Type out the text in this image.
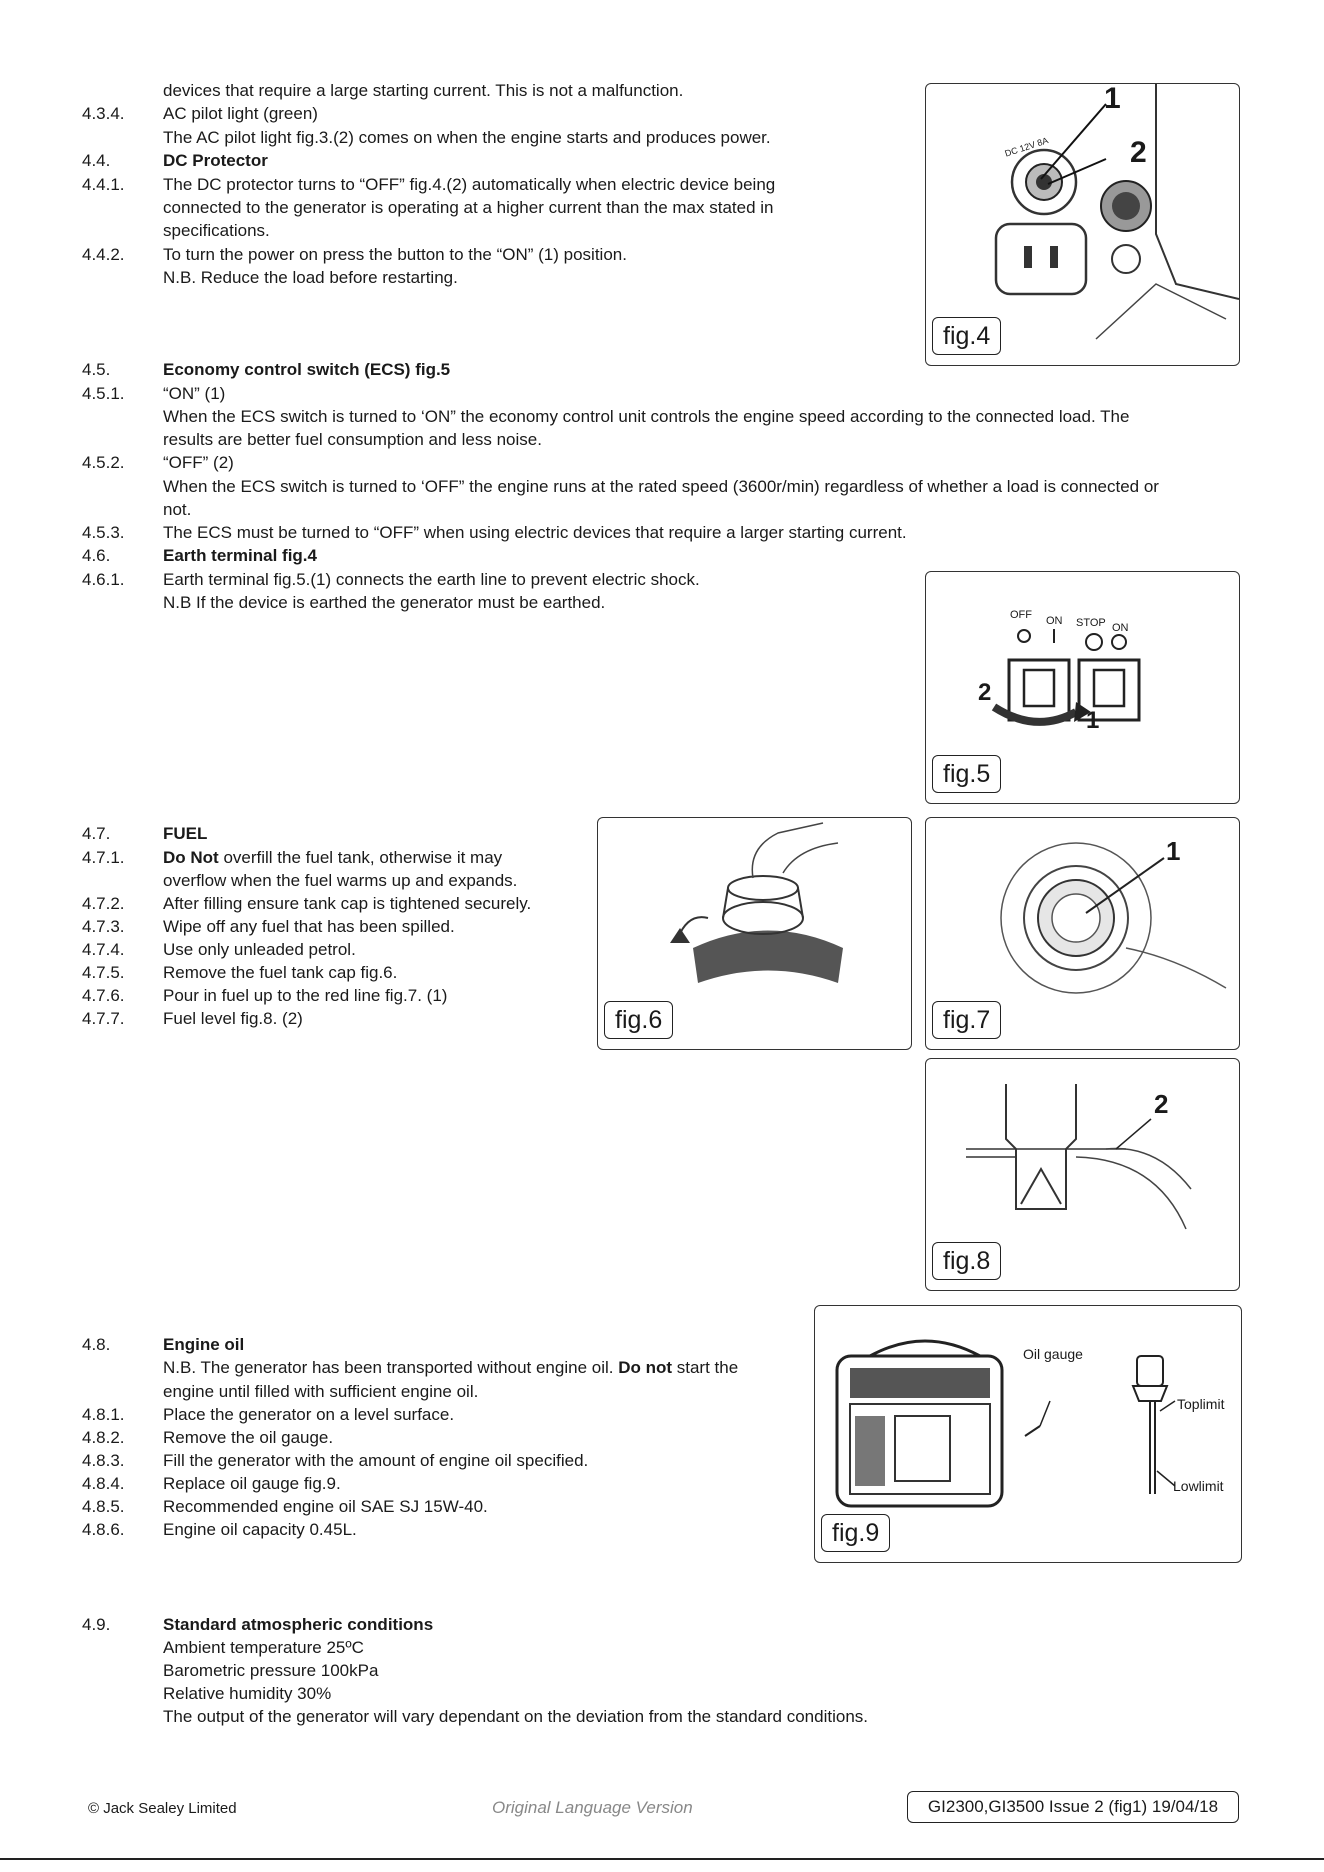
devices that require a large starting current. This is not a malfunction.
4.3.4. AC pilot light (green)
The AC pilot light fig.3.(2) comes on when the engine starts and produces power.
4.4.	DC Protector
4.4.1. The DC protector turns to “OFF” fig.4.(2) automatically when electric device being
connected to the generator is operating at a higher current than the max stated in
specifications.
4.4.2. To turn the power on press the button to the “ON” (1) position.
N.B. Reduce the load before restarting.
4.5.	Economy control switch (ECS) fig.5
4.5.1. “ON” (1)
When the ECS switch is turned to ‘ON” the economy control unit controls the engine speed according to the connected load. The
results are better fuel consumption and less noise.
4.5.2. “OFF” (2)
When the ECS switch is turned to ‘OFF” the engine runs at the rated speed (3600r/min) regardless of whether a load is connected or
not.
4.5.3. The ECS must be turned to “OFF” when using electric devices that require a larger starting current.
4.6.	Earth terminal fig.4
4.6.1. Earth terminal fig.5.(1) connects the earth line to prevent electric shock.
N.B If the device is earthed the generator must be earthed.
4.7.	FUEL
4.7.1. Do Not overfill the fuel tank, otherwise it may
overflow when the fuel warms up and expands.
4.7.2. After filling ensure tank cap is tightened securely.
4.7.3. Wipe off any fuel that has been spilled.
4.7.4. Use only unleaded petrol.
4.7.5. Remove the fuel tank cap fig.6.
4.7.6. Pour in fuel up to the red line fig.7. (1)
4.7.7. Fuel level fig.8. (2)
4.8.	Engine oil
N.B. The generator has been transported without engine oil. Do not start the
engine until filled with sufficient engine oil.
4.8.1. Place the generator on a level surface.
4.8.2. Remove the oil gauge.
4.8.3. Fill the generator with the amount of engine oil specified.
4.8.4. Replace oil gauge fig.9.
4.8.5. Recommended engine oil SAE SJ 15W-40.
4.8.6. Engine oil capacity 0.45L.
4.9.	Standard atmospheric conditions
Ambient temperature 25ºC
Barometric pressure 100kPa
Relative humidity 30%
The output of the generator will vary dependant on the deviation from the standard conditions.
1
2
DC 12V 8A
fig.4
OFF ON STOP ON
1
2
fig.5
fig.6
1
fig.7
2
fig.8
Oil gauge
Toplimit
Lowlimit
fig.9
© Jack Sealey Limited	Original Language Version	GI2300,GI3500 Issue 2 (fig1) 19/04/18
